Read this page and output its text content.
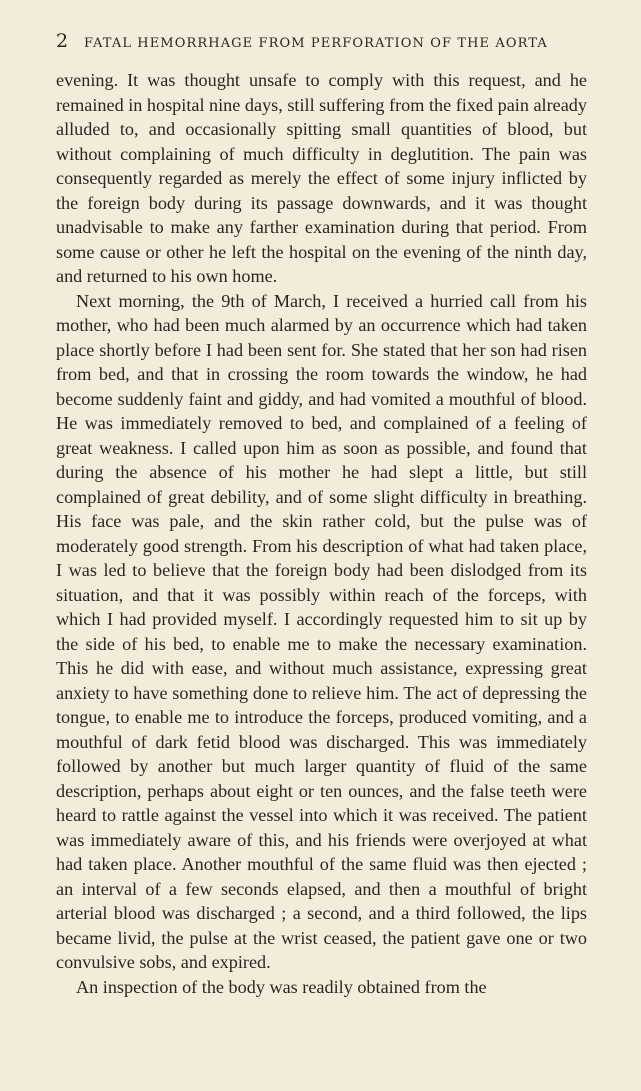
2	FATAL HEMORRHAGE FROM PERFORATION OF THE AORTA

evening. It was thought unsafe to comply with this request, and he remained in hospital nine days, still suffering from the fixed pain already alluded to, and occasionally spitting small quantities of blood, but without complaining of much difficulty in deglutition. The pain was consequently regarded as merely the effect of some injury inflicted by the foreign body during its passage downwards, and it was thought unadvisable to make any farther examination during that period. From some cause or other he left the hospital on the evening of the ninth day, and returned to his own home.

Next morning, the 9th of March, I received a hurried call from his mother, who had been much alarmed by an occurrence which had taken place shortly before I had been sent for. She stated that her son had risen from bed, and that in crossing the room towards the window, he had become suddenly faint and giddy, and had vomited a mouthful of blood. He was immediately removed to bed, and complained of a feeling of great weakness. I called upon him as soon as possible, and found that during the absence of his mother he had slept a little, but still complained of great debility, and of some slight difficulty in breathing. His face was pale, and the skin rather cold, but the pulse was of moderately good strength. From his description of what had taken place, I was led to believe that the foreign body had been dislodged from its situation, and that it was possibly within reach of the forceps, with which I had provided myself. I accordingly requested him to sit up by the side of his bed, to enable me to make the necessary examination. This he did with ease, and without much assistance, expressing great anxiety to have something done to relieve him. The act of depressing the tongue, to enable me to introduce the forceps, produced vomiting, and a mouthful of dark fetid blood was discharged. This was immediately followed by another but much larger quantity of fluid of the same description, perhaps about eight or ten ounces, and the false teeth were heard to rattle against the vessel into which it was received. The patient was immediately aware of this, and his friends were overjoyed at what had taken place. Another mouthful of the same fluid was then ejected ; an interval of a few seconds elapsed, and then a mouthful of bright arterial blood was discharged ; a second, and a third followed, the lips became livid, the pulse at the wrist ceased, the patient gave one or two convulsive sobs, and expired.

An inspection of the body was readily obtained from the
